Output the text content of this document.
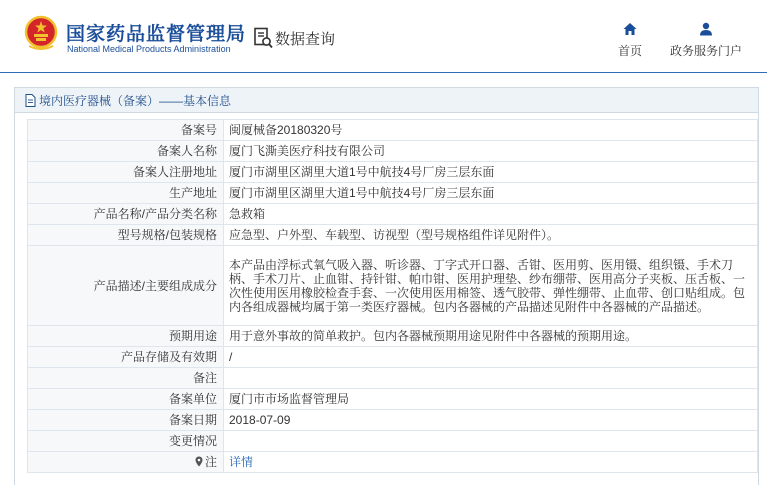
国家药品监督管理局
National Medical Products Administration
数据查询
首页	政务服务门户
境内医疗器械（备案）——基本信息
备案号	闽厦械备20180320号
备案人名称	厦门飞澌美医疗科技有限公司
备案人注册地址	厦门市湖里区湖里大道1号中航技4号厂房三层东面
生产地址	厦门市湖里区湖里大道1号中航技4号厂房三层东面
产品名称/产品分类名称	急救箱
型号规格/包装规格	应急型、户外型、车载型、访视型（型号规格组件详见附件）。
产品描述/主要组成成分	本产品由浮标式氧气吸入器、听诊器、丁字式开口器、舌钳、医用剪、医用镊、组织镊、手术刀柄、手术刀片、止血钳、持针钳、帕巾钳、医用护理垫、纱布绷带、医用高分子夹板、压舌板、一次性使用医用橡胶检查手套、一次使用医用棉签、透气胶带、弹性绷带、止血带、创口贴组成。包内各组成器械均属于第一类医疗器械。包内各器械的产品描述见附件中各器械的产品描述。
预期用途	用于意外事故的简单救护。包内各器械预期用途见附件中各器械的预期用途。
产品存储及有效期	/
备注	
备案单位	厦门市市场监督管理局
备案日期	2018-07-09
变更情况	
注	详情
